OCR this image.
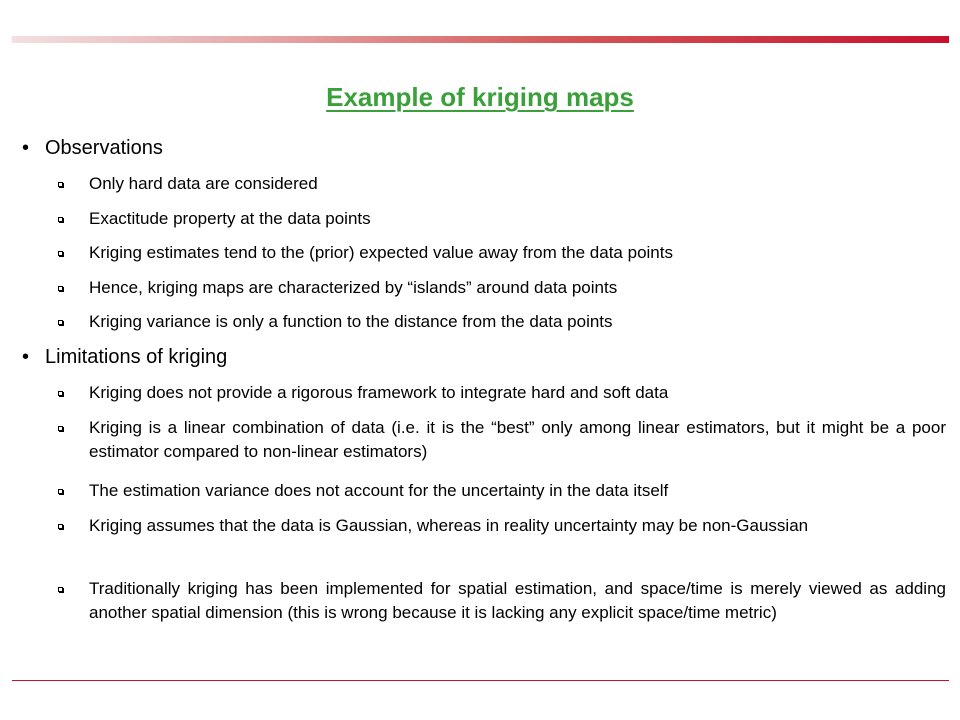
Example of kriging maps
• Observations
Only hard data are considered
Exactitude property at the data points
Kriging estimates tend to the (prior) expected value away from the data points
Hence, kriging maps are characterized by “islands” around data points
Kriging variance is only a function to the distance from the data points
• Limitations of kriging
Kriging does not provide a rigorous framework to integrate hard and soft data
Kriging is a linear combination of data (i.e. it is the “best” only among linear estimators, but it might be a poor estimator compared to non-linear estimators)
The estimation variance does not account for the uncertainty in the data itself
Kriging assumes that the data is Gaussian, whereas in reality uncertainty may be non-Gaussian
Traditionally kriging has been implemented for spatial estimation, and space/time is merely viewed as adding another spatial dimension (this is wrong because it is lacking any explicit space/time metric)
